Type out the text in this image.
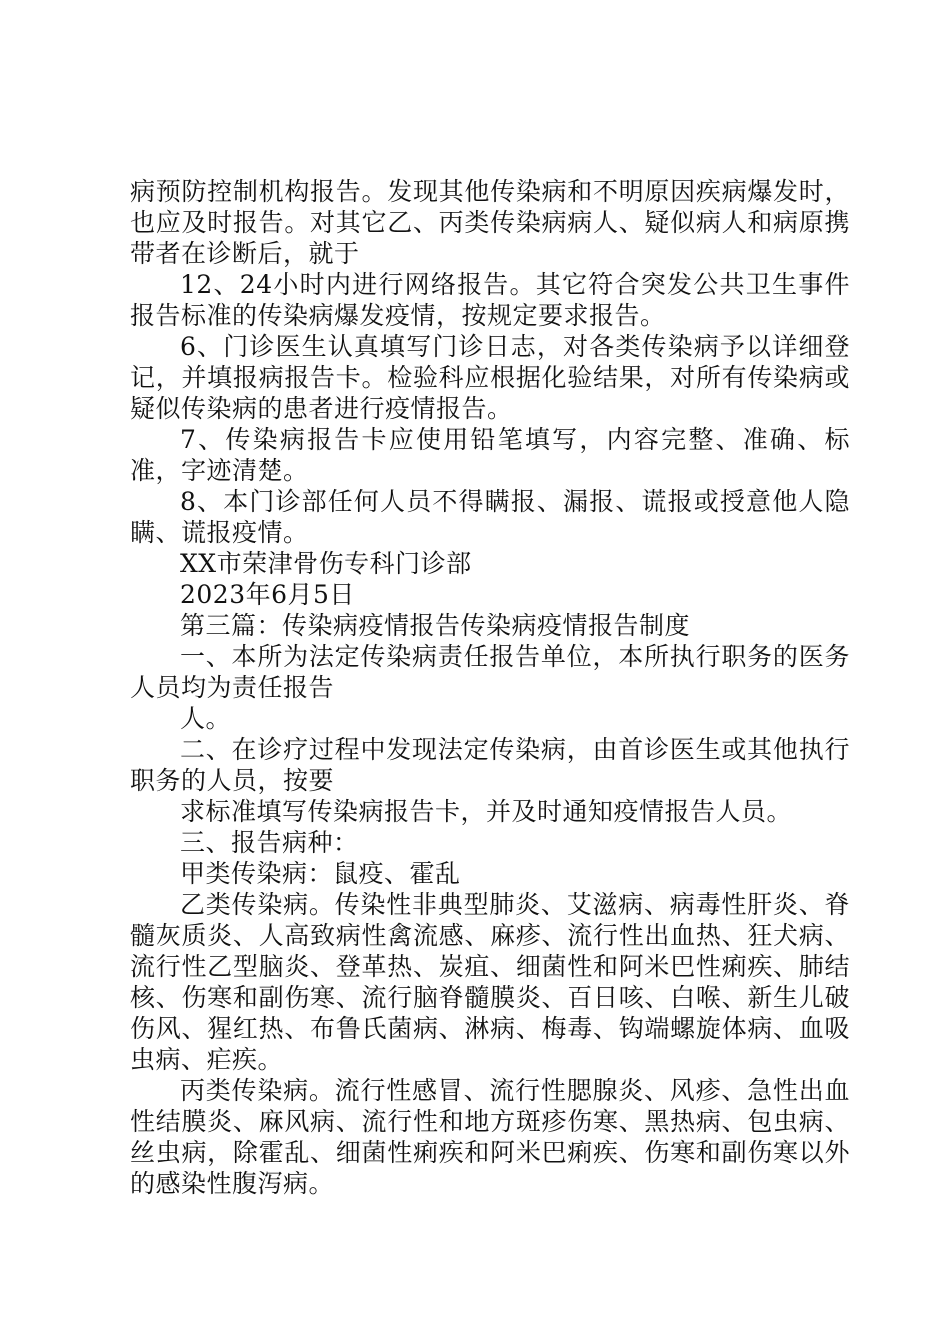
病预防控制机构报告。发现其他传染病和不明原因疾病爆发时，也应及时报告。对其它乙、丙类传染病病人、疑似病人和病原携带者在诊断后，就于

12、24小时内进行网络报告。其它符合突发公共卫生事件报告标准的传染病爆发疫情，按规定要求报告。

6、门诊医生认真填写门诊日志，对各类传染病予以详细登记，并填报病报告卡。检验科应根据化验结果，对所有传染病或疑似传染病的患者进行疫情报告。

7、传染病报告卡应使用铅笔填写，内容完整、准确、标准，字迹清楚。

8、本门诊部任何人员不得瞒报、漏报、谎报或授意他人隐瞒、谎报疫情。

XX市荣津骨伤专科门诊部

2023年6月5日

第三篇：传染病疫情报告传染病疫情报告制度

一、本所为法定传染病责任报告单位，本所执行职务的医务人员均为责任报告

人。

二、在诊疗过程中发现法定传染病，由首诊医生或其他执行职务的人员，按要

求标准填写传染病报告卡，并及时通知疫情报告人员。

三、报告病种：

甲类传染病：鼠疫、霍乱

乙类传染病。传染性非典型肺炎、艾滋病、病毒性肝炎、脊髓灰质炎、人高致病性禽流感、麻疹、流行性出血热、狂犬病、流行性乙型脑炎、登革热、炭疽、细菌性和阿米巴性痢疾、肺结核、伤寒和副伤寒、流行脑脊髓膜炎、百日咳、白喉、新生儿破伤风、猩红热、布鲁氏菌病、淋病、梅毒、钩端螺旋体病、血吸虫病、疟疾。

丙类传染病。流行性感冒、流行性腮腺炎、风疹、急性出血性结膜炎、麻风病、流行性和地方斑疹伤寒、黑热病、包虫病、丝虫病，除霍乱、细菌性痢疾和阿米巴痢疾、伤寒和副伤寒以外的感染性腹泻病。
